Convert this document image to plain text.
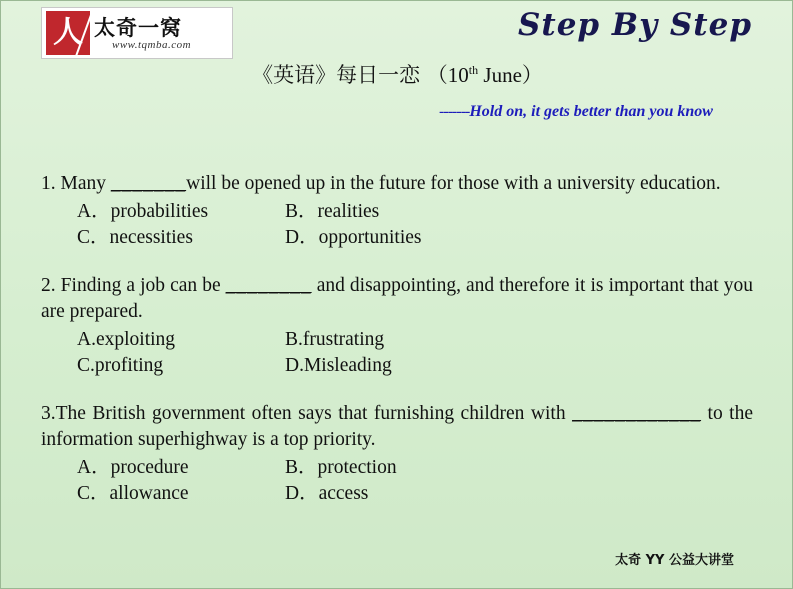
人 太奇一窝
www.tqmba.com
Step By Step
《英语》每日一恋 （10th June）
-------Hold on, it gets better than you know
1. Many _______will be opened up in the future for those with a university education.
A．probabilities	B．realities
C．necessities	D．opportunities
2. Finding a job can be ________ and disappointing, and therefore it is important that you are prepared.
A.exploiting	B.frustrating
C.profiting	D.Misleading
3.The British government often says that furnishing children with ____________ to the information superhighway is a top priority.
A．procedure	B．protection
C．allowance	D．access
太奇 YY 公益大讲堂
